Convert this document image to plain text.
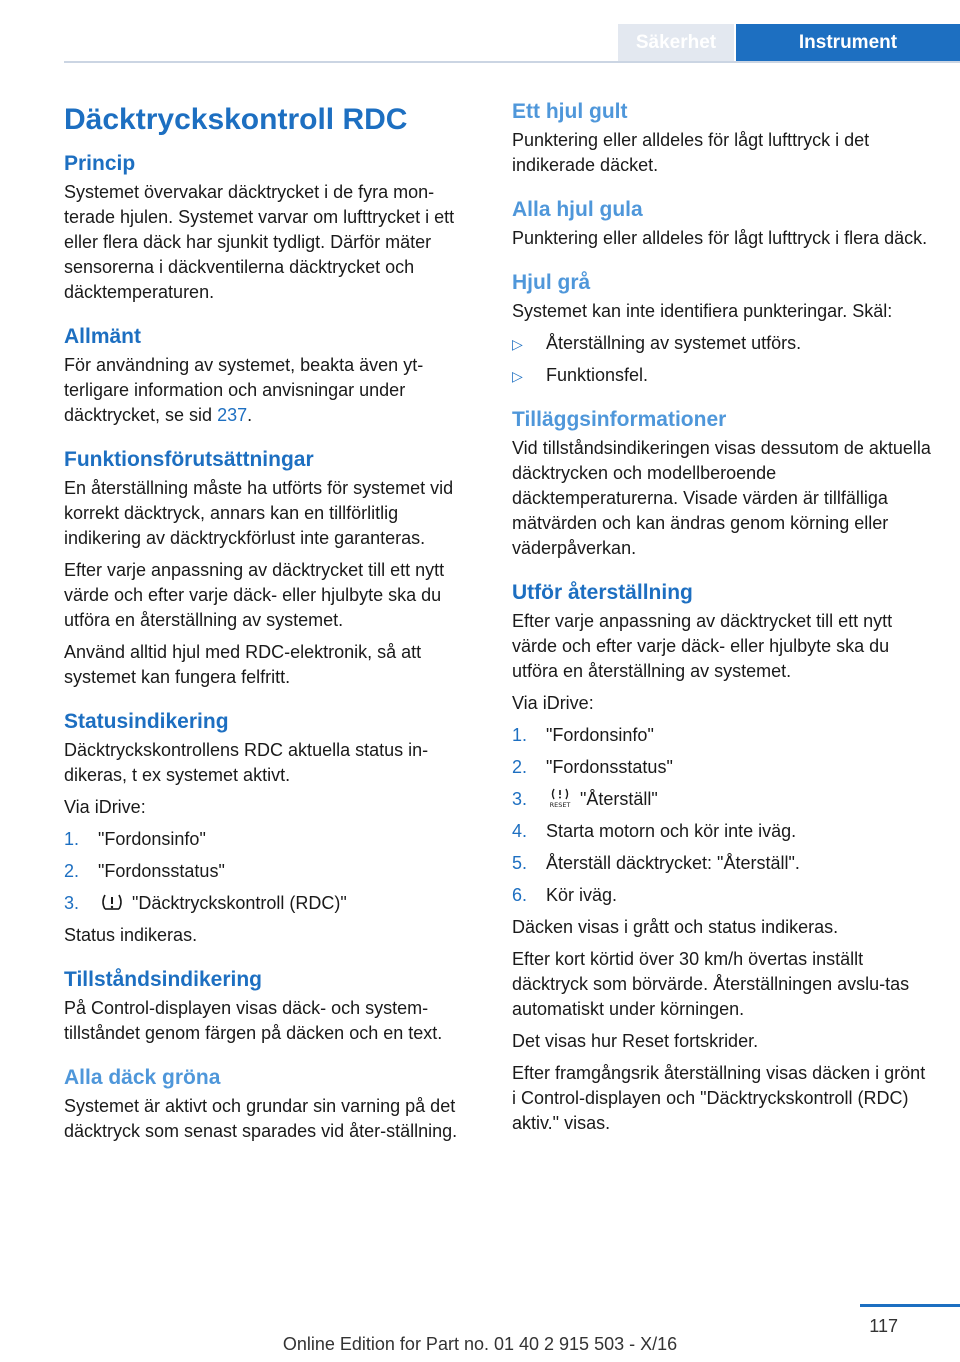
Säkerhet	Instrument
Däcktryckskontroll RDC
Princip

Systemet övervakar däcktrycket i de fyra mon-terade hjulen. Systemet varvar om lufttrycket i ett eller flera däck har sjunkit tydligt. Därför mäter sensorerna i däckventilerna däcktrycket och däcktemperaturen.

Allmänt

För användning av systemet, beakta även yt-terligare information och anvisningar under däcktrycket, se sid 237.

Funktionsförutsättningar

En återställning måste ha utförts för systemet vid korrekt däcktryck, annars kan en tillförlitlig indikering av däcktryckförlust inte garanteras.

Efter varje anpassning av däcktrycket till ett nytt värde och efter varje däck- eller hjulbyte ska du utföra en återställning av systemet.

Använd alltid hjul med RDC-elektronik, så att systemet kan fungera felfritt.

Statusindikering

Däcktryckskontrollens RDC aktuella status in-dikeras, t ex systemet aktivt.

Via iDrive:

1. "Fordonsinfo"
2. "Fordonsstatus"
3.	"Däcktryckskontroll (RDC)"

Status indikeras.

Tillståndsindikering

På Control-displayen visas däck- och system-tillståndet genom färgen på däcken och en text.

Alla däck gröna

Systemet är aktivt och grundar sin varning på det däcktryck som senast sparades vid åter-ställning.

Ett hjul gult

Punktering eller alldeles för lågt lufttryck i det indikerade däcket.

Alla hjul gula

Punktering eller alldeles för lågt lufttryck i flera däck.

Hjul grå

Systemet kan inte identifiera punkteringar. Skäl:

▷ Återställning av systemet utförs.
▷ Funktionsfel.
Tilläggsinformationer

Vid tillståndsindikeringen visas dessutom de aktuella däcktrycken och modellberoende däcktemperaturerna. Visade värden är tillfälliga mätvärden och kan ändras genom körning eller väderpåverkan.

Utför återställning

Efter varje anpassning av däcktrycket till ett nytt värde och efter varje däck- eller hjulbyte ska du utföra en återställning av systemet.

Via iDrive:

1. "Fordonsinfo"
2. "Fordonsstatus"
3.	RESET "Återställ"
4. Starta motorn och kör inte iväg.
5. Återställ däcktrycket: "Återställ".
6. Kör iväg.

Däcken visas i grått och status indikeras.

Efter kort körtid över 30 km/h övertas inställt däcktryck som börvärde. Återställningen avslu-tas automatiskt under körningen.

Det visas hur Reset fortskrider.

Efter framgångsrik återställning visas däcken i grönt i Control-displayen och "Däcktryckskontroll (RDC) aktiv." visas.

117
Online Edition for Part no. 01 40 2 915 503 - X/16
